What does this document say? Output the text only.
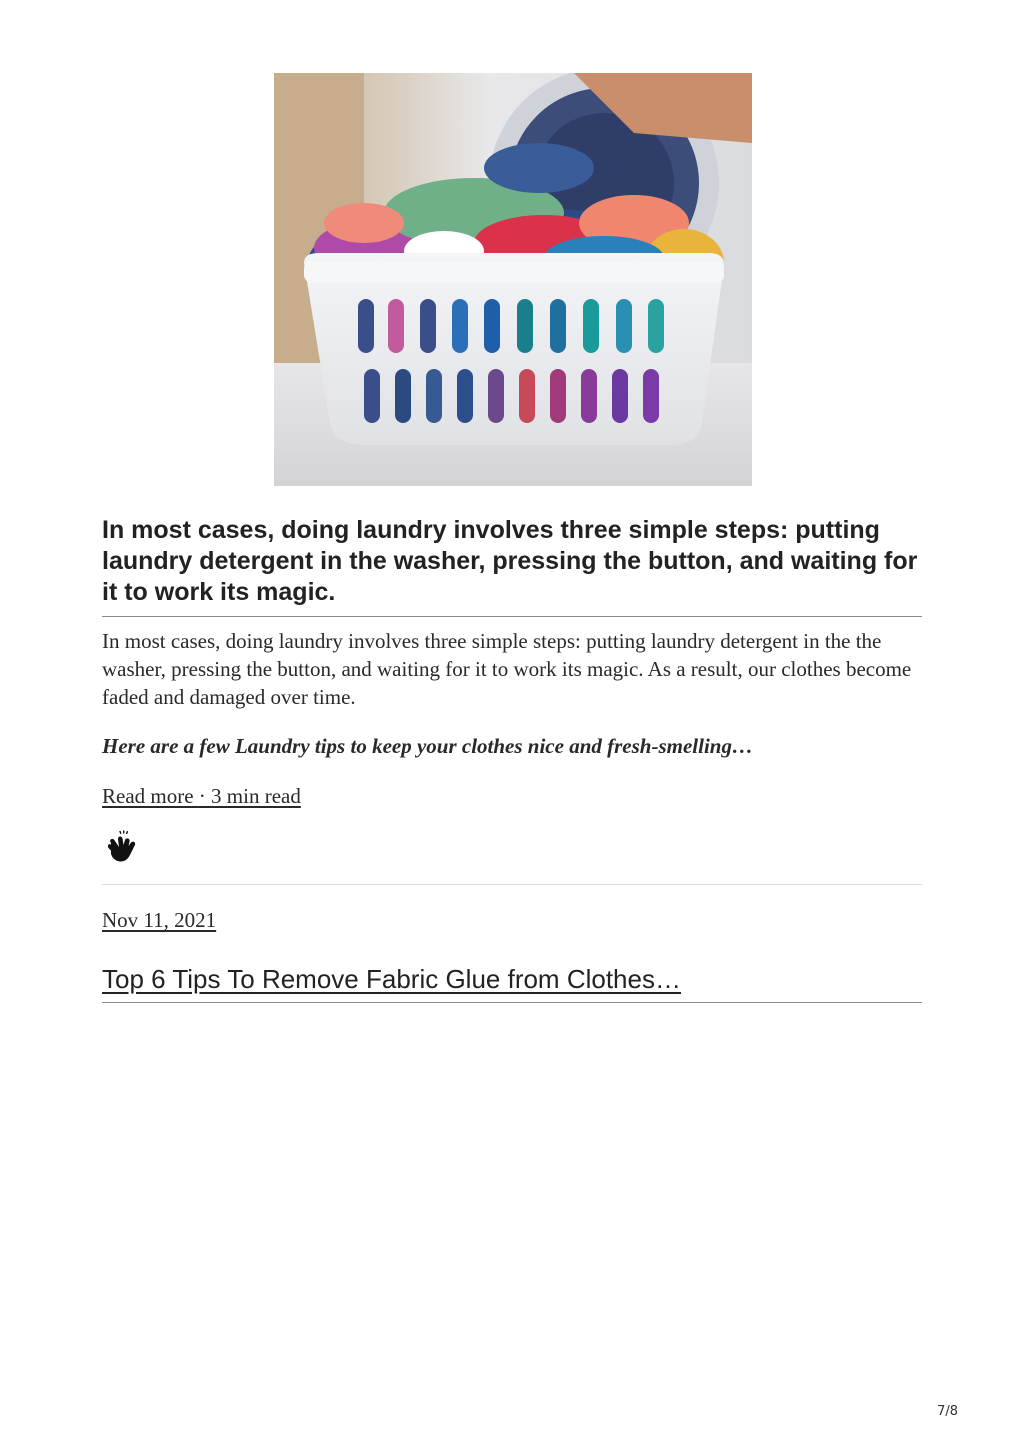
In most cases, doing laundry involves three simple steps: putting laundry detergent in the washer, pressing the button, and waiting for it to work its magic.

In most cases, doing laundry involves three simple steps: putting laundry detergent in the the washer, pressing the button, and waiting for it to work its magic. As a result, our clothes become faded and damaged over time.

Here are a few Laundry tips to keep your clothes nice and fresh-smelling…

Read more · 3 min read
Nov 11, 2021
Top 6 Tips To Remove Fabric Glue from Clothes…
7/8
